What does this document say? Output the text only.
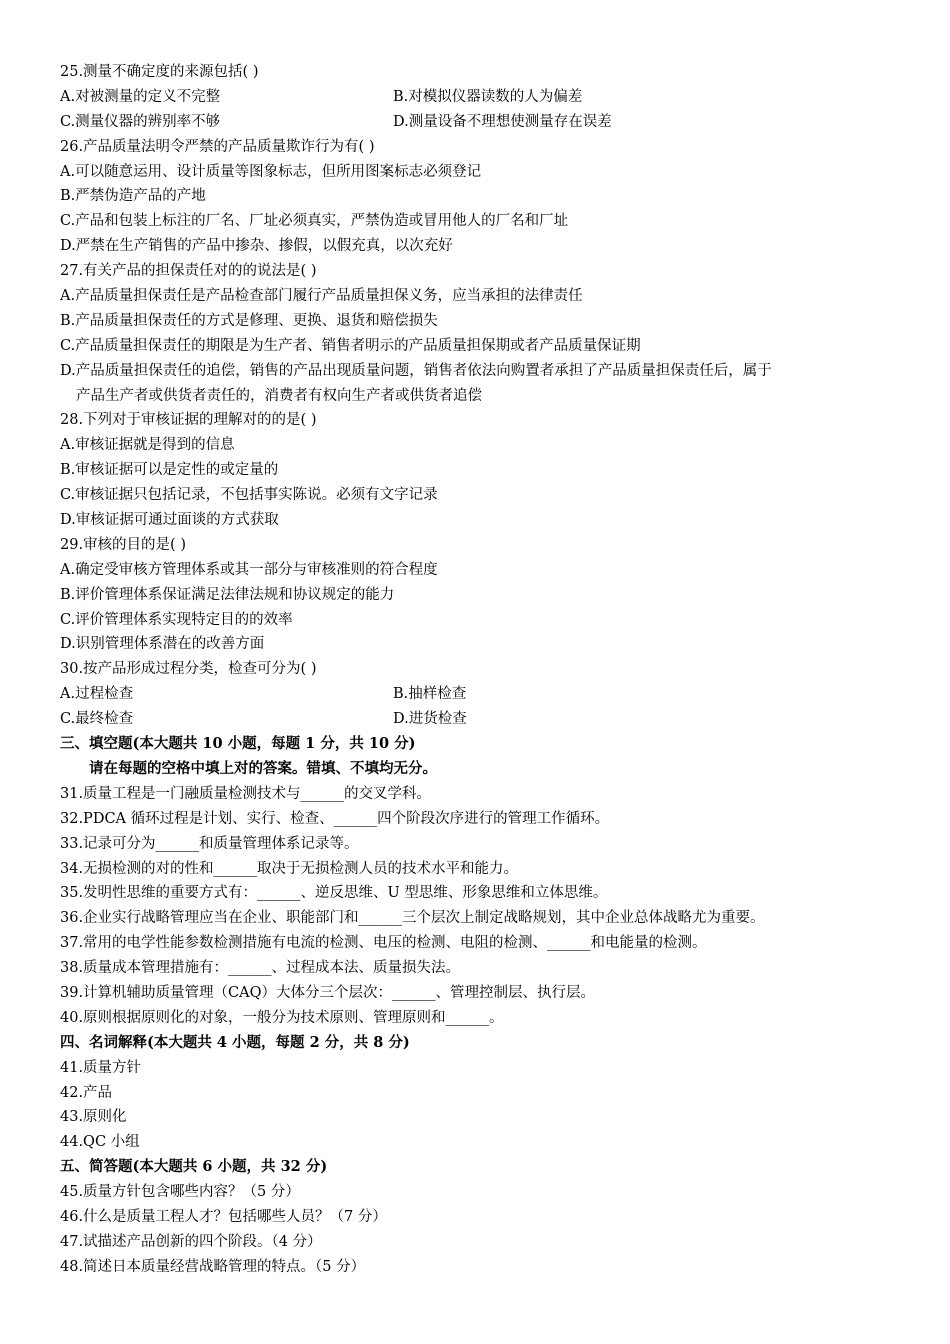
25.测量不确定度的来源包括( )
A.对被测量的定义不完整	B.对模拟仪器读数的人为偏差
C.测量仪器的辨别率不够	D.测量设备不理想使测量存在误差
26.产品质量法明令严禁的产品质量欺诈行为有( )
A.可以随意运用、设计质量等图象标志，但所用图案标志必须登记
B.严禁伪造产品的产地
C.产品和包装上标注的厂名、厂址必须真实，严禁伪造或冒用他人的厂名和厂址
D.严禁在生产销售的产品中掺杂、掺假，以假充真，以次充好
27.有关产品的担保责任对的的说法是( )
A.产品质量担保责任是产品检查部门履行产品质量担保义务，应当承担的法律责任
B.产品质量担保责任的方式是修理、更换、退货和赔偿损失
C.产品质量担保责任的期限是为生产者、销售者明示的产品质量担保期或者产品质量保证期
D.产品质量担保责任的追偿，销售的产品出现质量问题，销售者依法向购置者承担了产品质量担保责任后，属于
产品生产者或供货者责任的，消费者有权向生产者或供货者追偿
28.下列对于审核证据的理解对的的是( )
A.审核证据就是得到的信息
B.审核证据可以是定性的或定量的
C.审核证据只包括记录，不包括事实陈说。必须有文字记录
D.审核证据可通过面谈的方式获取
29.审核的目的是( )
A.确定受审核方管理体系或其一部分与审核准则的符合程度
B.评价管理体系保证满足法律法规和协议规定的能力
C.评价管理体系实现特定目的的效率
D.识别管理体系潜在的改善方面
30.按产品形成过程分类，检查可分为( )
A.过程检查	B.抽样检查
C.最终检查	D.进货检查
三、填空题(本大题共 10 小题，每题 1 分，共 10 分)
请在每题的空格中填上对的答案。错填、不填均无分。
31.质量工程是一门融质量检测技术与______的交叉学科。
32.PDCA 循环过程是计划、实行、检查、______四个阶段次序进行的管理工作循环。
33.记录可分为______和质量管理体系记录等。
34.无损检测的对的性和______取决于无损检测人员的技术水平和能力。
35.发明性思维的重要方式有：______、逆反思维、U 型思维、形象思维和立体思维。
36.企业实行战略管理应当在企业、职能部门和______三个层次上制定战略规划，其中企业总体战略尤为重要。
37.常用的电学性能参数检测措施有电流的检测、电压的检测、电阻的检测、______和电能量的检测。
38.质量成本管理措施有：______、过程成本法、质量损失法。
39.计算机辅助质量管理（CAQ）大体分三个层次：______、管理控制层、执行层。
40.原则根据原则化的对象，一般分为技术原则、管理原则和______。
四、名词解释(本大题共 4 小题，每题 2 分，共 8 分)
41.质量方针
42.产品
43.原则化
44.QC 小组
五、简答题(本大题共 6 小题，共 32 分)
45.质量方针包含哪些内容？（5 分）
46.什么是质量工程人才？包括哪些人员？（7 分）
47.试描述产品创新的四个阶段。（4 分）
48.简述日本质量经营战略管理的特点。（5 分）
